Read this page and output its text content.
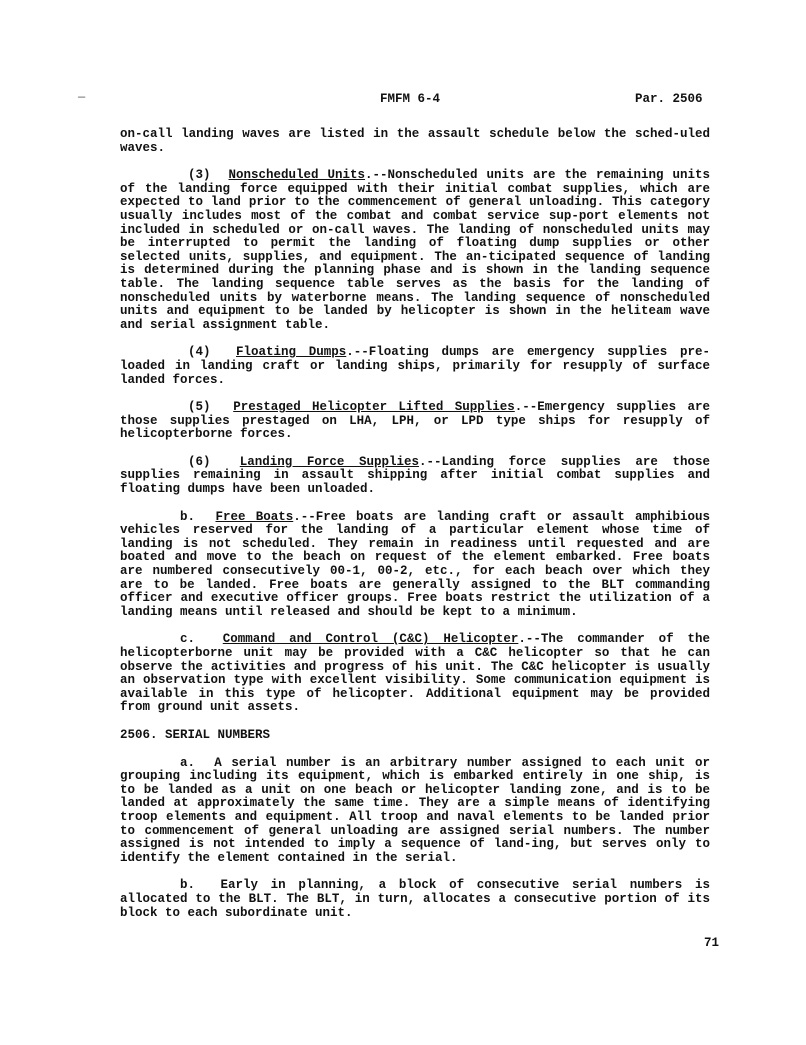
—	FMFM 6-4	Par. 2506

on-call landing waves are listed in the assault schedule below the sched-uled waves.

(3) Nonscheduled Units.--Nonscheduled units are the remaining units of the landing force equipped with their initial combat supplies, which are expected to land prior to the commencement of general unloading. This category usually includes most of the combat and combat service sup-port elements not included in scheduled or on-call waves. The landing of nonscheduled units may be interrupted to permit the landing of floating dump supplies or other selected units, supplies, and equipment. The an-ticipated sequence of landing is determined during the planning phase and is shown in the landing sequence table. The landing sequence table serves as the basis for the landing of nonscheduled units by waterborne means. The landing sequence of nonscheduled units and equipment to be landed by helicopter is shown in the heliteam wave and serial assignment table.

(4) Floating Dumps.--Floating dumps are emergency supplies pre-loaded in landing craft or landing ships, primarily for resupply of surface landed forces.

(5) Prestaged Helicopter Lifted Supplies.--Emergency supplies are those supplies prestaged on LHA, LPH, or LPD type ships for resupply of helicopterborne forces.

(6) Landing Force Supplies.--Landing force supplies are those supplies remaining in assault shipping after initial combat supplies and floating dumps have been unloaded.

b. Free Boats.--Free boats are landing craft or assault amphibious vehicles reserved for the landing of a particular element whose time of landing is not scheduled. They remain in readiness until requested and are boated and move to the beach on request of the element embarked. Free boats are numbered consecutively 00-1, 00-2, etc., for each beach over which they are to be landed. Free boats are generally assigned to the BLT commanding officer and executive officer groups. Free boats restrict the utilization of a landing means until released and should be kept to a minimum.

c. Command and Control (C&C) Helicopter.--The commander of the helicopterborne unit may be provided with a C&C helicopter so that he can observe the activities and progress of his unit. The C&C helicopter is usually an observation type with excellent visibility. Some communication equipment is available in this type of helicopter. Additional equipment may be provided from ground unit assets.

2506. SERIAL NUMBERS

a. A serial number is an arbitrary number assigned to each unit or grouping including its equipment, which is embarked entirely in one ship, is to be landed as a unit on one beach or helicopter landing zone, and is to be landed at approximately the same time. They are a simple means of identifying troop elements and equipment. All troop and naval elements to be landed prior to commencement of general unloading are assigned serial numbers. The number assigned is not intended to imply a sequence of land-ing, but serves only to identify the element contained in the serial.

b. Early in planning, a block of consecutive serial numbers is allocated to the BLT. The BLT, in turn, allocates a consecutive portion of its block to each subordinate unit.

71
